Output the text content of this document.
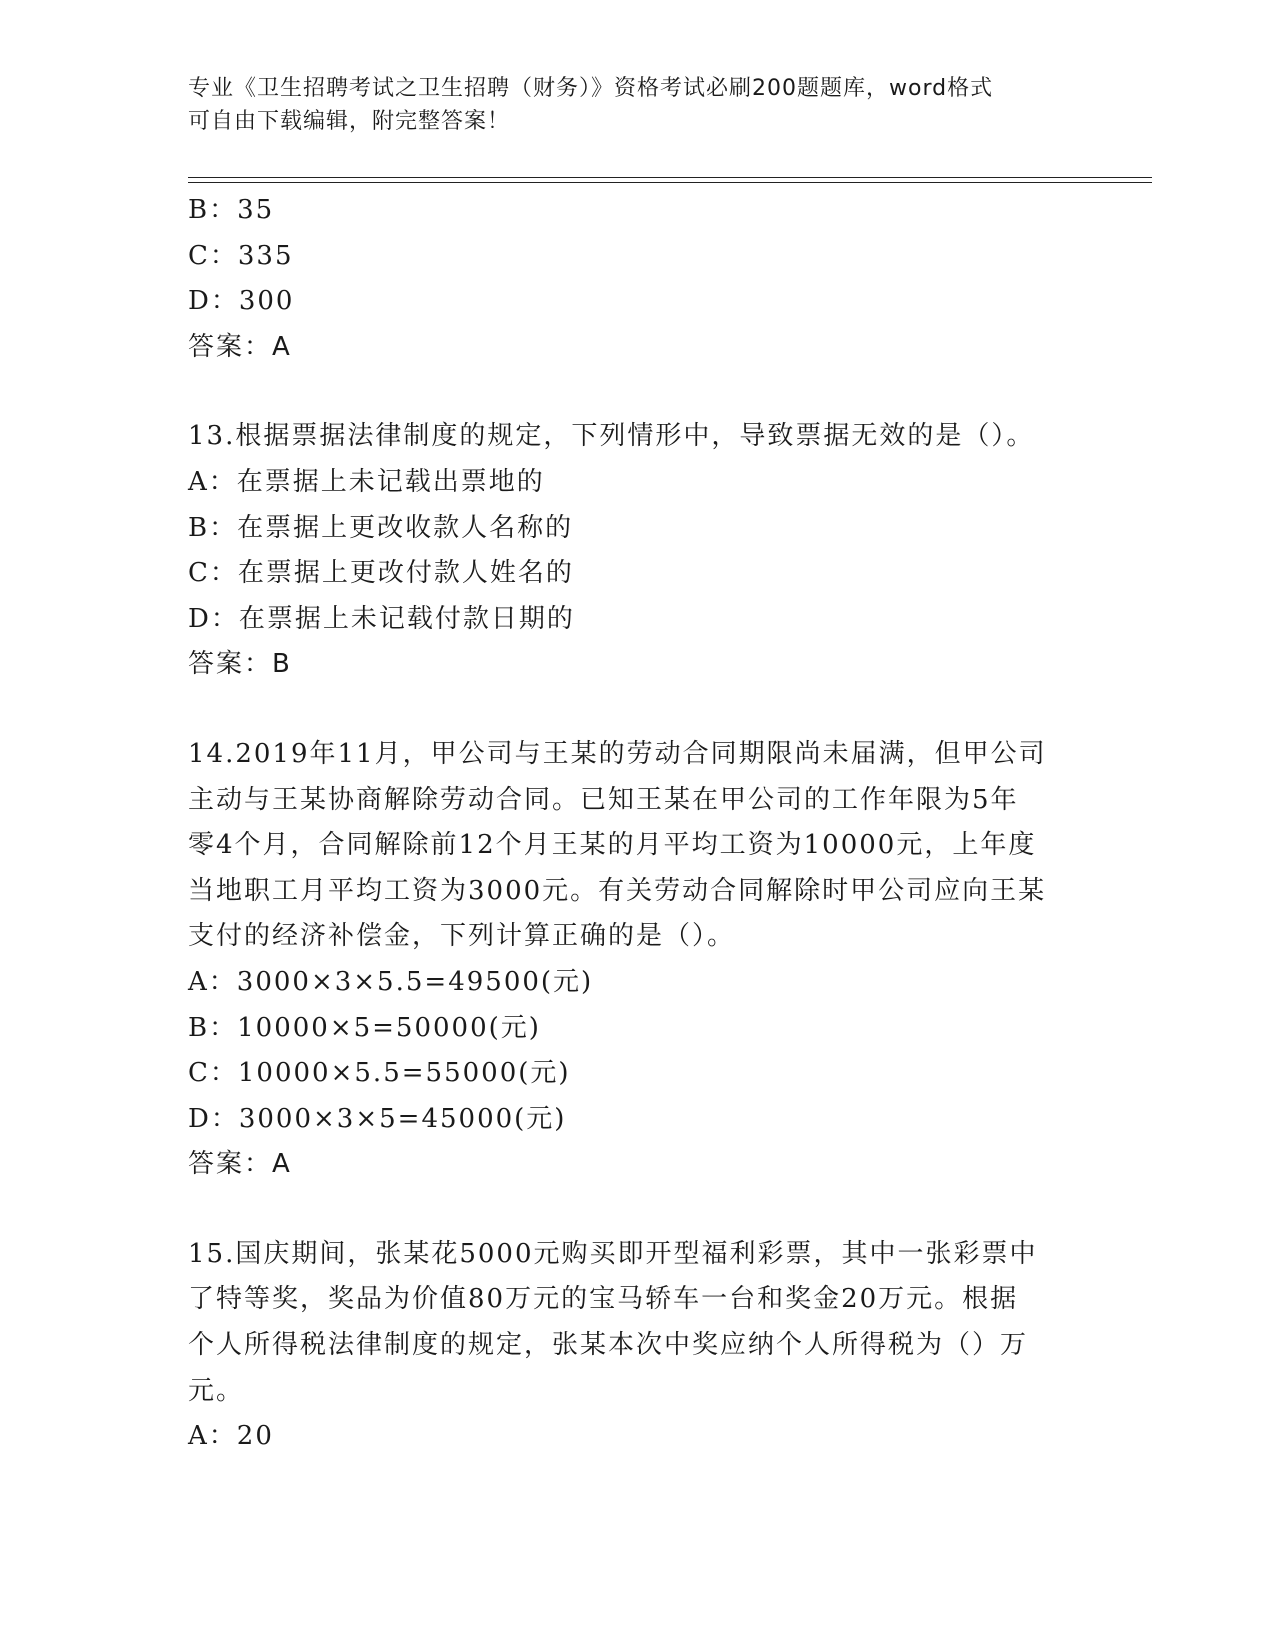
专业《卫生招聘考试之卫生招聘（财务）》资格考试必刷200题题库，word格式
可自由下载编辑，附完整答案！
B：35
C：335
D：300
答案：A
13.根据票据法律制度的规定，下列情形中，导致票据无效的是（）。
A：在票据上未记载出票地的
B：在票据上更改收款人名称的
C：在票据上更改付款人姓名的
D：在票据上未记载付款日期的
答案：B
14.2019年11月，甲公司与王某的劳动合同期限尚未届满，但甲公司
主动与王某协商解除劳动合同。已知王某在甲公司的工作年限为5年
零4个月，合同解除前12个月王某的月平均工资为10000元，上年度
当地职工月平均工资为3000元。有关劳动合同解除时甲公司应向王某
支付的经济补偿金，下列计算正确的是（）。
A：3000×3×5.5=49500(元)
B：10000×5=50000(元)
C：10000×5.5=55000(元)
D：3000×3×5=45000(元)
答案：A
15.国庆期间，张某花5000元购买即开型福利彩票，其中一张彩票中
了特等奖，奖品为价值80万元的宝马轿车一台和奖金20万元。根据
个人所得税法律制度的规定，张某本次中奖应纳个人所得税为（）万
元。
A：20
